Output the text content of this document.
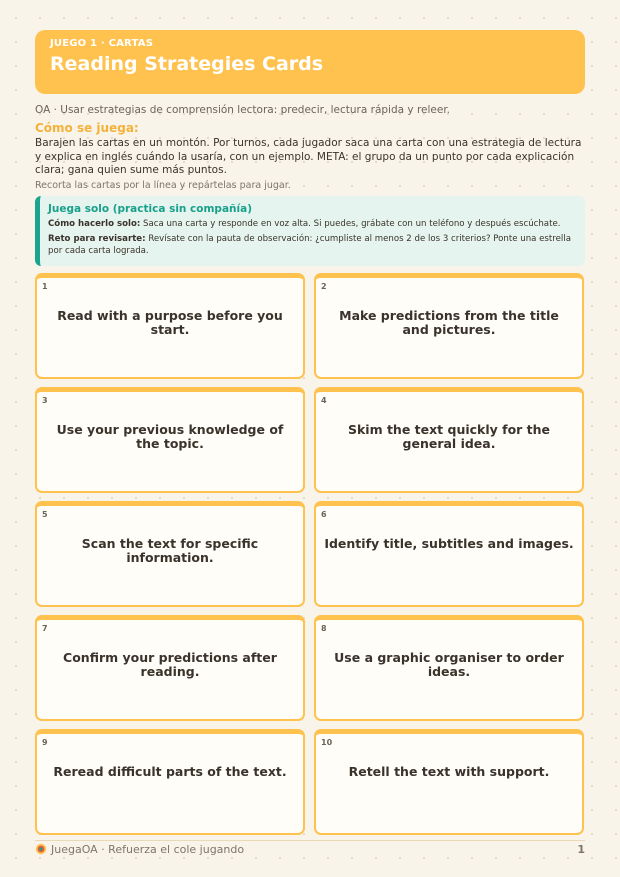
JUEGO 1 · CARTAS
Reading Strategies Cards
OA · Usar estrategias de comprensión lectora: predecir, lectura rápida y releer.
Cómo se juega:
Barajen las cartas en un montón. Por turnos, cada jugador saca una carta con una estrategia de lectura y explica en inglés cuándo la usaría, con un ejemplo. META: el grupo da un punto por cada explicación clara; gana quien sume más puntos.
Recorta las cartas por la línea y repártelas para jugar.
Juega solo (practica sin compañía)
Cómo hacerlo solo: Saca una carta y responde en voz alta. Si puedes, grábate con un teléfono y después escúchate.
Reto para revisarte: Revísate con la pauta de observación: ¿cumpliste al menos 2 de los 3 criterios? Ponte una estrella por cada carta lograda.
1
Read with a purpose before you start.
2
Make predictions from the title and pictures.
3
Use your previous knowledge of the topic.
4
Skim the text quickly for the general idea.
5
Scan the text for specific information.
6
Identify title, subtitles and images.
7
Confirm your predictions after reading.
8
Use a graphic organiser to order ideas.
9
Reread difficult parts of the text.
10
Retell the text with support.
JuegaOA · Refuerza el cole jugando	1
